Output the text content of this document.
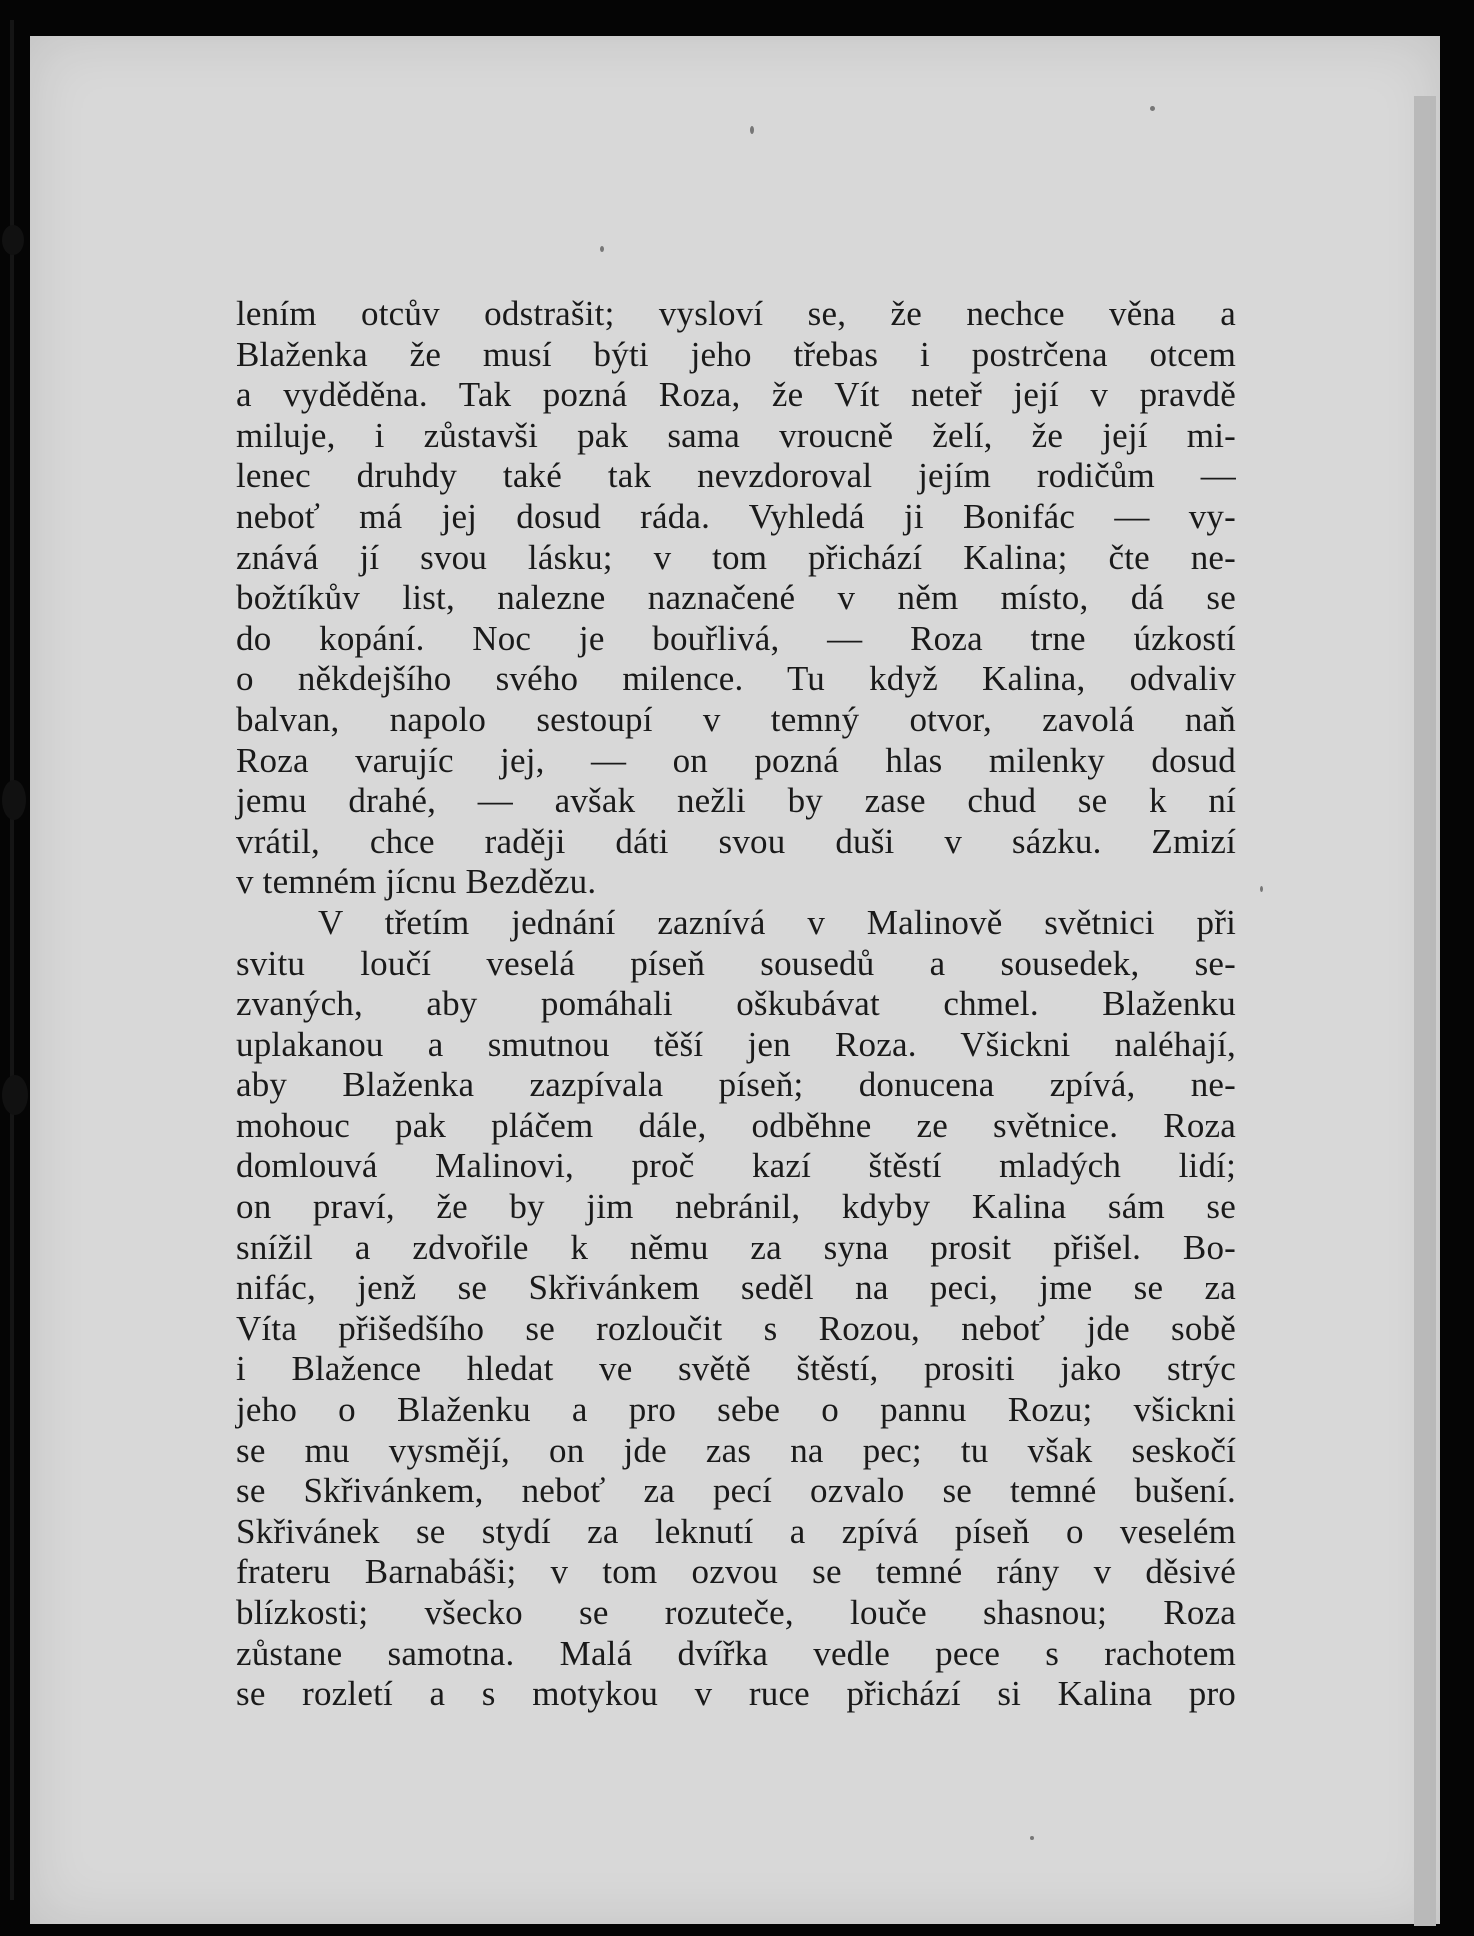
lením otcův odstrašit; vysloví se, že nechce věna a
Blaženka že musí býti jeho třebas i postrčena otcem
a vyděděna. Tak pozná Roza, že Vít neteř její v pravdě
miluje, i zůstavši pak sama vroucně želí, že její mi-
lenec druhdy také tak nevzdoroval jejím rodičům —
neboť má jej dosud ráda. Vyhledá ji Bonifác — vy-
znává jí svou lásku; v tom přichází Kalina; čte ne-
božtíkův list, nalezne naznačené v něm místo, dá se
do kopání. Noc je bouřlivá, — Roza trne úzkostí
o někdejšího svého milence. Tu když Kalina, odvaliv
balvan, napolo sestoupí v temný otvor, zavolá naň
Roza varujíc jej, — on pozná hlas milenky dosud
jemu drahé, — avšak nežli by zase chud se k ní
vrátil, chce raději dáti svou duši v sázku. Zmizí
v temném jícnu Bezdězu.
V třetím jednání zaznívá v Malinově světnici při
svitu loučí veselá píseň sousedů a sousedek, se-
zvaných, aby pomáhali oškubávat chmel. Blaženku
uplakanou a smutnou těší jen Roza. Všickni naléhají,
aby Blaženka zazpívala píseň; donucena zpívá, ne-
mohouc pak pláčem dále, odběhne ze světnice. Roza
domlouvá Malinovi, proč kazí štěstí mladých lidí;
on praví, že by jim nebránil, kdyby Kalina sám se
snížil a zdvořile k němu za syna prosit přišel. Bo-
nifác, jenž se Skřivánkem seděl na peci, jme se za
Víta přišedšího se rozloučit s Rozou, neboť jde sobě
i Blažence hledat ve světě štěstí, prositi jako strýc
jeho o Blaženku a pro sebe o pannu Rozu; všickni
se mu vysmějí, on jde zas na pec; tu však seskočí
se Skřivánkem, neboť za pecí ozvalo se temné bušení.
Skřivánek se stydí za leknutí a zpívá píseň o veselém
frateru Barnabáši; v tom ozvou se temné rány v děsivé
blízkosti; všecko se rozuteče, louče shasnou; Roza
zůstane samotna. Malá dvířka vedle pece s rachotem
se rozletí a s motykou v ruce přichází si Kalina pro
